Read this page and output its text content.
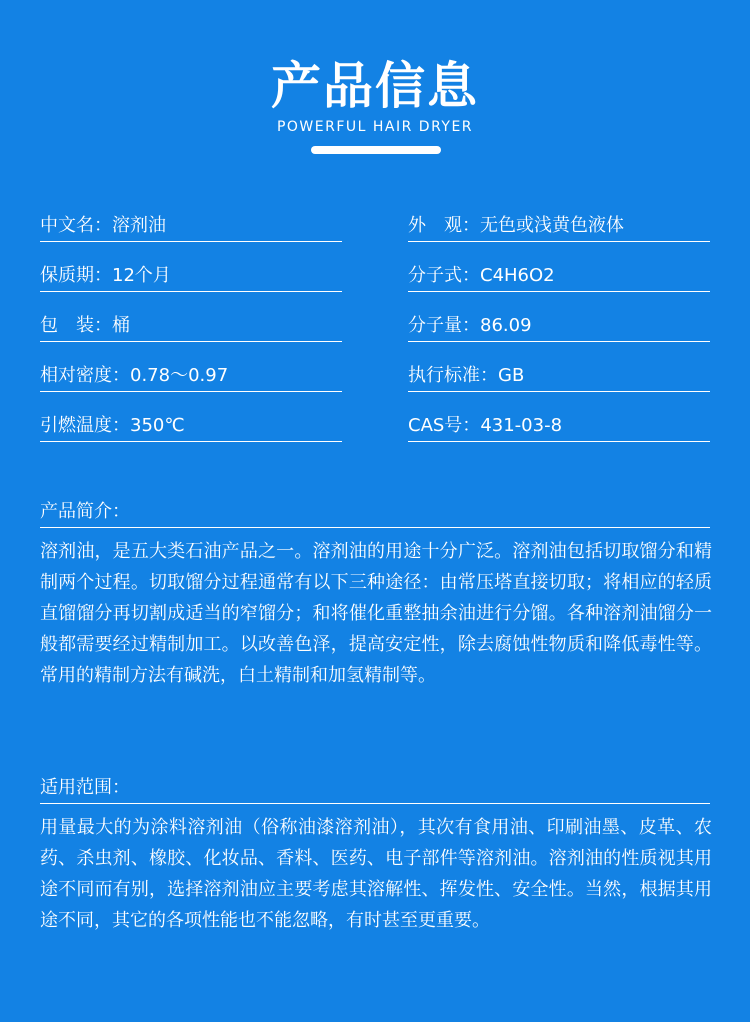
产品信息
POWERFUL HAIR DRYER
中文名：溶剂油
保质期：12个月
包　装：桶
相对密度：0.78～0.97
引燃温度：350℃
外　观：无色或浅黄色液体
分子式：C4H6O2
分子量：86.09
执行标准：GB
CAS号：431-03-8
产品简介：
溶剂油，是五大类石油产品之一。溶剂油的用途十分广泛。溶剂油包括切取馏分和精制两个过程。切取馏分过程通常有以下三种途径：由常压塔直接切取；将相应的轻质直馏馏分再切割成适当的窄馏分；和将催化重整抽余油进行分馏。各种溶剂油馏分一般都需要经过精制加工。以改善色泽，提高安定性，除去腐蚀性物质和降低毒性等。常用的精制方法有碱洗，白土精制和加氢精制等。
适用范围：
用量最大的为涂料溶剂油（俗称油漆溶剂油），其次有食用油、印刷油墨、皮革、农药、杀虫剂、橡胶、化妆品、香料、医药、电子部件等溶剂油。溶剂油的性质视其用途不同而有别，选择溶剂油应主要考虑其溶解性、挥发性、安全性。当然，根据其用途不同，其它的各项性能也不能忽略，有时甚至更重要。
